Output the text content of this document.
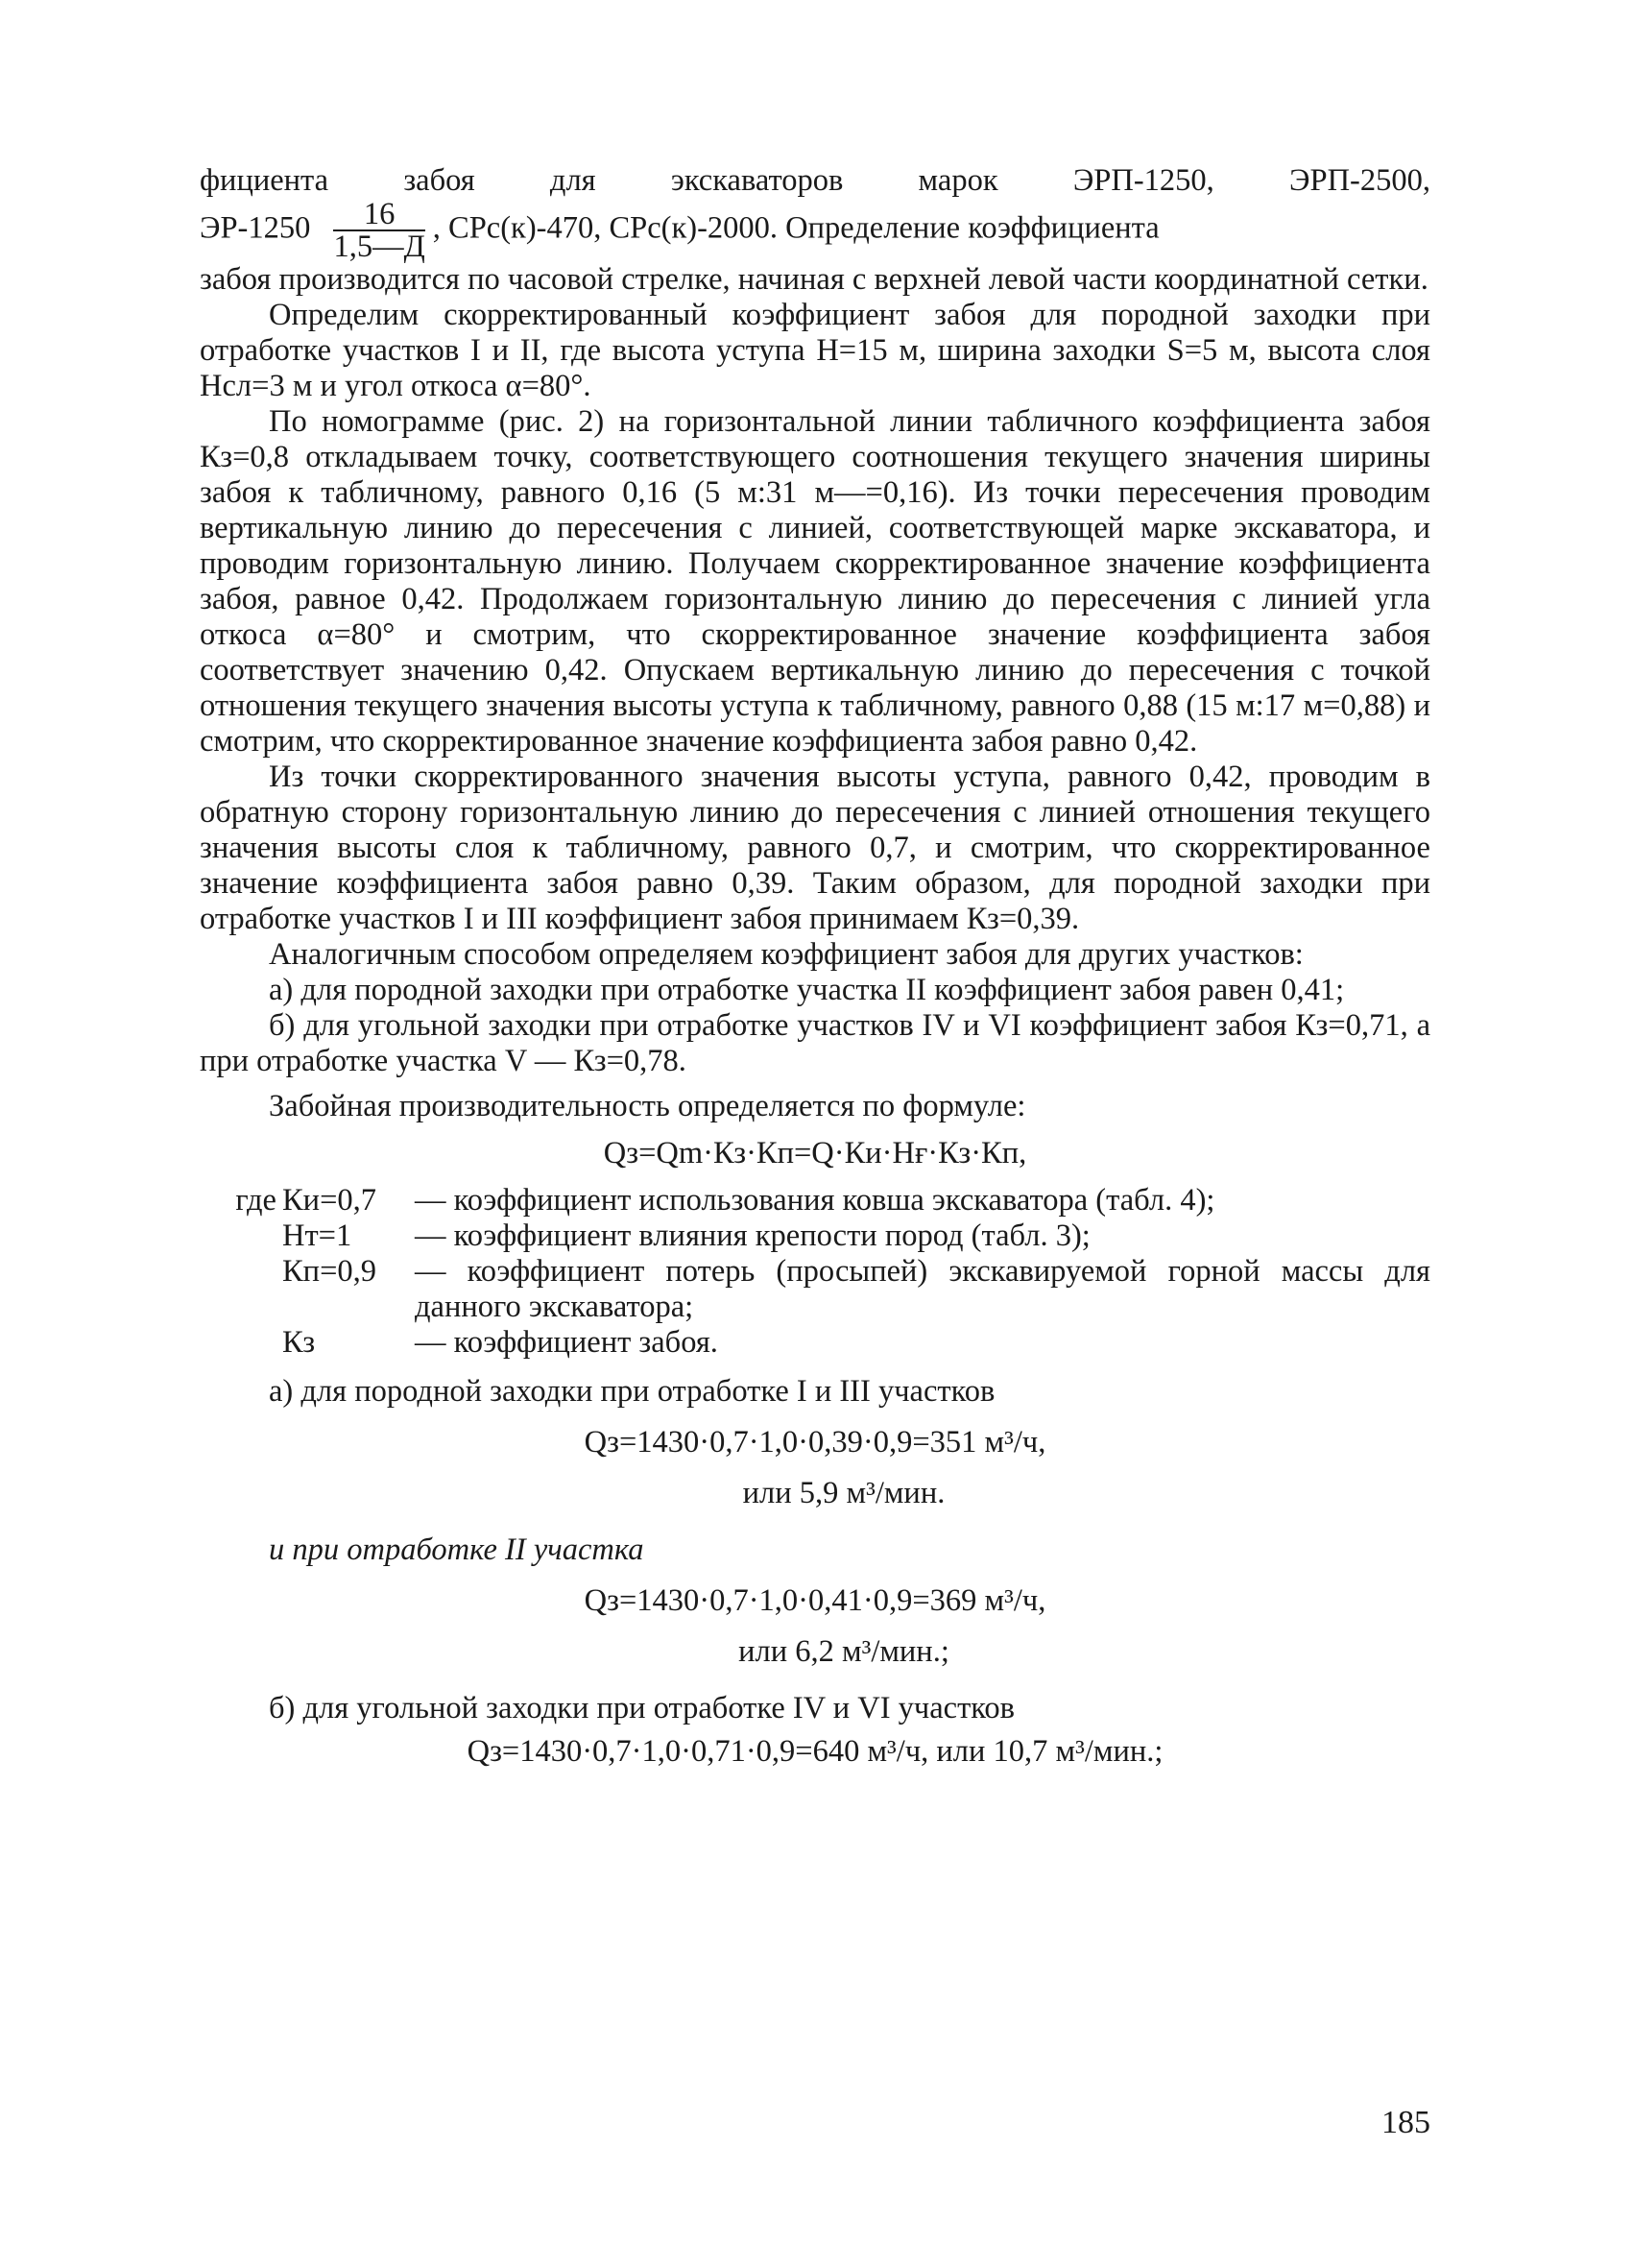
фициента забоя для экскаваторов марок ЭРП-1250, ЭРП-2500,

$ЭР-1250 \frac{16}{1,5—Д}$ , СРс(к)-470, СРс(к)-2000. Определение коэффициента

забоя производится по часовой стрелке, начиная с верхней левой части координатной сетки.

Определим скорректированный коэффициент забоя для породной заходки при отработке участков I и II, где высота уступа Н=15 м, ширина заходки S=5 м, высота слоя Нсл=3 м и угол откоса α=80°.

По номограмме (рис. 2) на горизонтальной линии табличного коэффициента забоя Кз=0,8 откладываем точку, соответствующего соотношения текущего значения ширины забоя к табличному, равного 0,16 (5 м:31 м—=0,16). Из точки пересечения проводим вертикальную линию до пересечения с линией, соответствующей марке экскаватора, и проводим горизонтальную линию. Получаем скорректированное значение коэффициента забоя, равное 0,42. Продолжаем горизонтальную линию до пересечения с линией угла откоса α=80° и смотрим, что скорректированное значение коэффициента забоя соответствует значению 0,42. Опускаем вертикальную линию до пересечения с точкой отношения текущего значения высоты уступа к табличному, равного 0,88 (15 м:17 м=0,88) и смотрим, что скорректированное значение коэффициента забоя равно 0,42.

Из точки скорректированного значения высоты уступа, равного 0,42, проводим в обратную сторону горизонтальную линию до пересечения с линией отношения текущего значения высоты слоя к табличному, равного 0,7, и смотрим, что скорректированное значение коэффициента забоя равно 0,39. Таким образом, для породной заходки при отработке участков I и III коэффициент забоя принимаем Кз=0,39.

Аналогичным способом определяем коэффициент забоя для других участков:

а) для породной заходки при отработке участка II коэффициент забоя равен 0,41;

б) для угольной заходки при отработке участков IV и VI коэффициент забоя Кз=0,71, а при отработке участка V — Кз=0,78.

Забойная производительность определяется по формуле:

Qз=Qm·Кз·Кп=Q·Ки·Нғ·Кз·Кп,

где Ки=0,7	— коэффициент использования ковша экскаватора (табл. 4);
Нт=1	— коэффициент влияния крепости пород (табл. 3);
Кп=0,9	— коэффициент потерь (просыпей) экскавируемой горной массы для данного экскаватора;
Кз	— коэффициент забоя.

а) для породной заходки при отработке I и III участков

Qз=1430·0,7·1,0·0,39·0,9=351 м³/ч,

или 5,9 м³/мин.

и при отработке II участка

Qз=1430·0,7·1,0·0,41·0,9=369 м³/ч,

или 6,2 м³/мин.;

б) для угольной заходки при отработке IV и VI участков

Qз=1430·0,7·1,0·0,71·0,9=640 м³/ч, или 10,7 м³/мин.;

185
